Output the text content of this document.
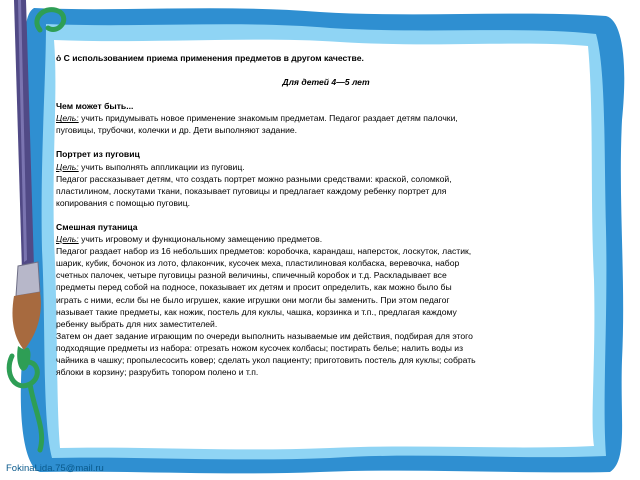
ỏ С использованием приема применения предметов в другом качестве.
Для детей 4—5 лет
Чем может быть...
Цель: учить придумывать новое применение знакомым предметам. Педагог раздает детям палочки,
пуговицы, трубочки, колечки и др. Дети выполняют задание.
Портрет из пуговиц
Цель: учить выполнять аппликации из пуговиц.
Педагог рассказывает детям, что создать портрет можно разными средствами: краской, соломкой,
пластилином, лоскутами ткани, показывает пуговицы и предлагает каждому ребенку портрет для
копирования с помощью пуговиц.
Смешная путаница
Цель: учить игровому и функциональному замещению предметов.
Педагог раздает набор из 16 небольших предметов: коробочка, карандаш, наперсток, лоскуток, ластик,
шарик, кубик, бочонок из лото, флакончик, кусочек меха, пластилиновая колбаска, веревочка, набор
счетных палочек, четыре пуговицы разной величины, спичечный коробок и т.д. Раскладывает все
предметы перед собой на подносе, показывает их детям и просит определить, как можно было бы
играть с ними, если бы не было игрушек, какие игрушки они могли бы заменить. При этом педагог
называет такие предметы, как ножик, постель для куклы, чашка, корзинка и т.п., предлагая каждому
ребенку выбрать для них заместителей.
Затем он дает задание играющим по очереди выполнить называемые им действия, подбирая для этого
подходящие предметы из набора: отрезать ножом кусочек колбасы; постирать белье; налить воды из
чайника в чашку; пропылесосить ковер; сделать укол пациенту; приготовить постель для куклы; собрать
яблоки в корзину; разрубить топором полено и т.п.
FokinaLida.75@mail.ru
